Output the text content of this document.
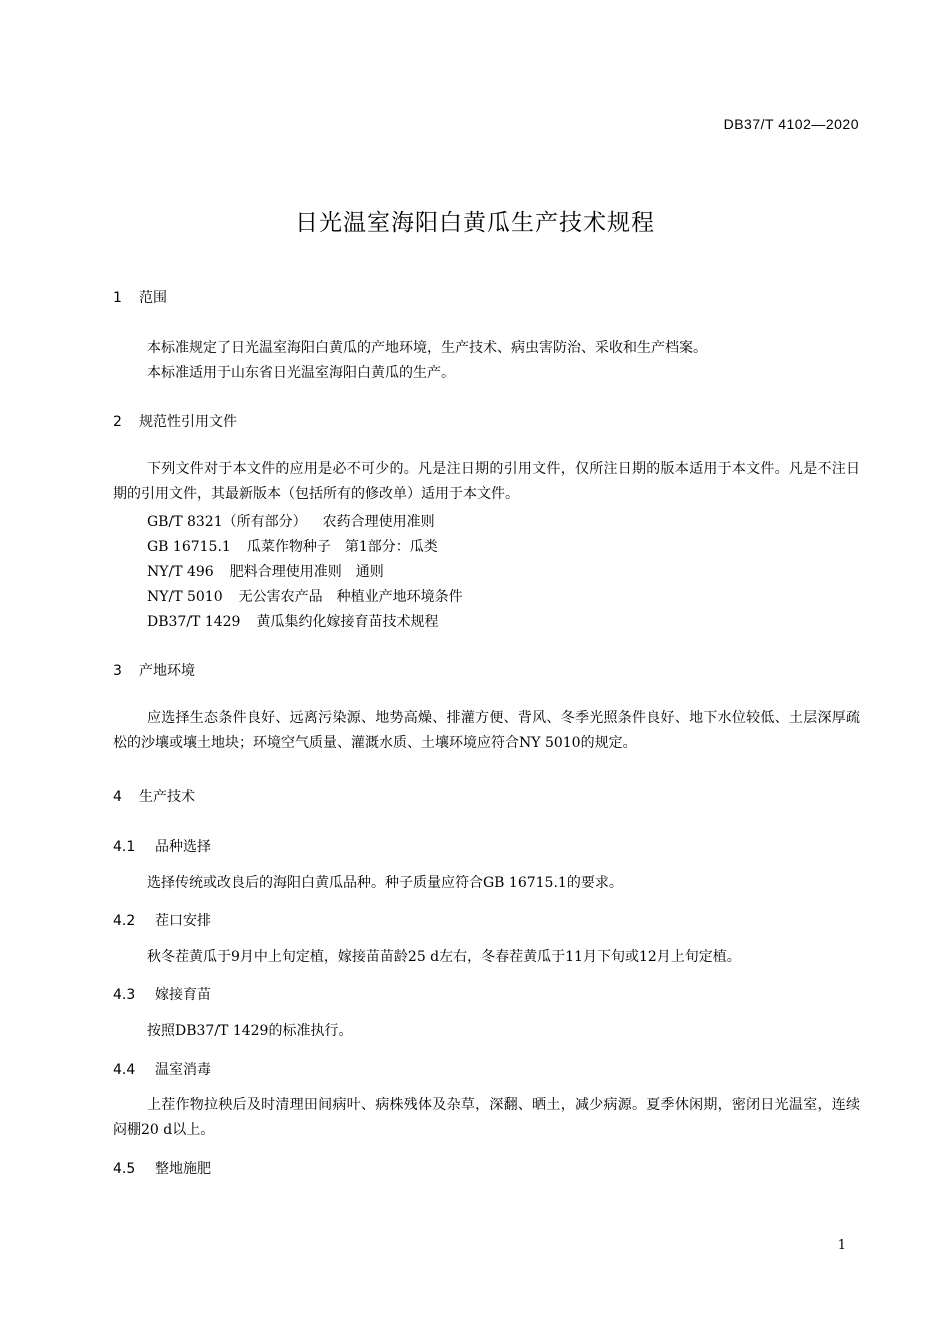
DB37/T 4102—2020
日光温室海阳白黄瓜生产技术规程
1 范围
本标准规定了日光温室海阳白黄瓜的产地环境，生产技术、病虫害防治、采收和生产档案。
本标准适用于山东省日光温室海阳白黄瓜的生产。
2 规范性引用文件
下列文件对于本文件的应用是必不可少的。凡是注日期的引用文件，仅所注日期的版本适用于本文件。凡是不注日期的引用文件，其最新版本（包括所有的修改单）适用于本文件。
GB/T 8321（所有部分） 农药合理使用准则
GB 16715.1 瓜菜作物种子　第1部分：瓜类
NY/T 496 肥料合理使用准则　通则
NY/T 5010 无公害农产品　种植业产地环境条件
DB37/T 1429 黄瓜集约化嫁接育苗技术规程
3 产地环境
应选择生态条件良好、远离污染源、地势高燥、排灌方便、背风、冬季光照条件良好、地下水位较低、土层深厚疏松的沙壤或壤土地块；环境空气质量、灌溉水质、土壤环境应符合NY 5010的规定。
4 生产技术
4.1 品种选择
选择传统或改良后的海阳白黄瓜品种。种子质量应符合GB 16715.1的要求。
4.2 茬口安排
秋冬茬黄瓜于9月中上旬定植，嫁接苗苗龄25 d左右，冬春茬黄瓜于11月下旬或12月上旬定植。
4.3 嫁接育苗
按照DB37/T 1429的标准执行。
4.4 温室消毒
上茬作物拉秧后及时清理田间病叶、病株残体及杂草，深翻、晒土，减少病源。夏季休闲期，密闭日光温室，连续闷棚20 d以上。
4.5 整地施肥
1
